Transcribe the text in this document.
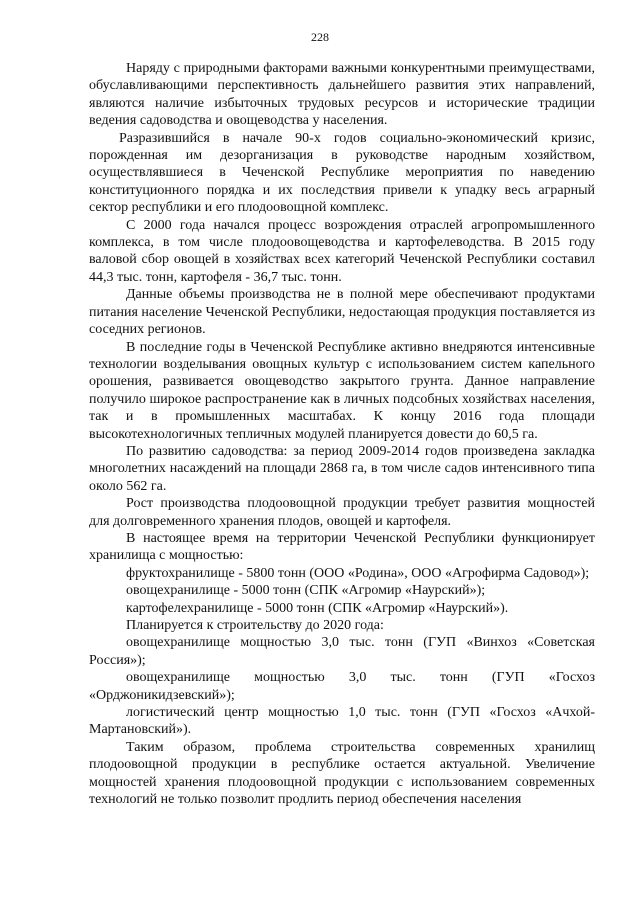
228

Наряду с природными факторами важными конкурентными преимуществами, обуславливающими перспективность дальнейшего развития этих направлений, являются наличие избыточных трудовых ресурсов и исторические традиции ведения садоводства и овощеводства у населения.

Разразившийся в начале 90-х годов социально-экономический кризис, порожденная им дезорганизация в руководстве народным хозяйством, осуществлявшиеся в Чеченской Республике мероприятия по наведению конституционного порядка и их последствия привели к упадку весь аграрный сектор республики и его плодоовощной комплекс.

С 2000 года начался процесс возрождения отраслей агропромышленного комплекса, в том числе плодоовощеводства и картофелеводства. В 2015 году валовой сбор овощей в хозяйствах всех категорий Чеченской Республики составил 44,3 тыс. тонн, картофеля - 36,7 тыс. тонн.

Данные объемы производства не в полной мере обеспечивают продуктами питания население Чеченской Республики, недостающая продукция поставляется из соседних регионов.

В последние годы в Чеченской Республике активно внедряются интенсивные технологии возделывания овощных культур с использованием систем капельного орошения, развивается овощеводство закрытого грунта. Данное направление получило широкое распространение как в личных подсобных хозяйствах населения, так и в промышленных масштабах. К концу 2016 года площади высокотехнологичных тепличных модулей планируется довести до 60,5 га.

По развитию садоводства: за период 2009-2014 годов произведена закладка многолетних насаждений на площади 2868 га, в том числе садов интенсивного типа около 562 га.

Рост производства плодоовощной продукции требует развития мощностей для долговременного хранения плодов, овощей и картофеля.

В настоящее время на территории Чеченской Республики функционирует хранилища с мощностью:

фруктохранилище - 5800 тонн (ООО «Родина», ООО «Агрофирма Садовод»);

овощехранилище - 5000 тонн (СПК «Агромир «Наурский»);

картофелехранилище - 5000 тонн (СПК «Агромир «Наурский»).

Планируется к строительству до 2020 года:

овощехранилище мощностью 3,0 тыс. тонн (ГУП «Винхоз «Советская Россия»);

овощехранилище мощностью 3,0 тыс. тонн (ГУП «Госхоз «Орджоникидзевский»);

логистический центр мощностью 1,0 тыс. тонн (ГУП «Госхоз «Ачхой-Мартановский»).

Таким образом, проблема строительства современных хранилищ плодоовощной продукции в республике остается актуальной. Увеличение мощностей хранения плодоовощной продукции с использованием современных технологий не только позволит продлить период обеспечения населения
